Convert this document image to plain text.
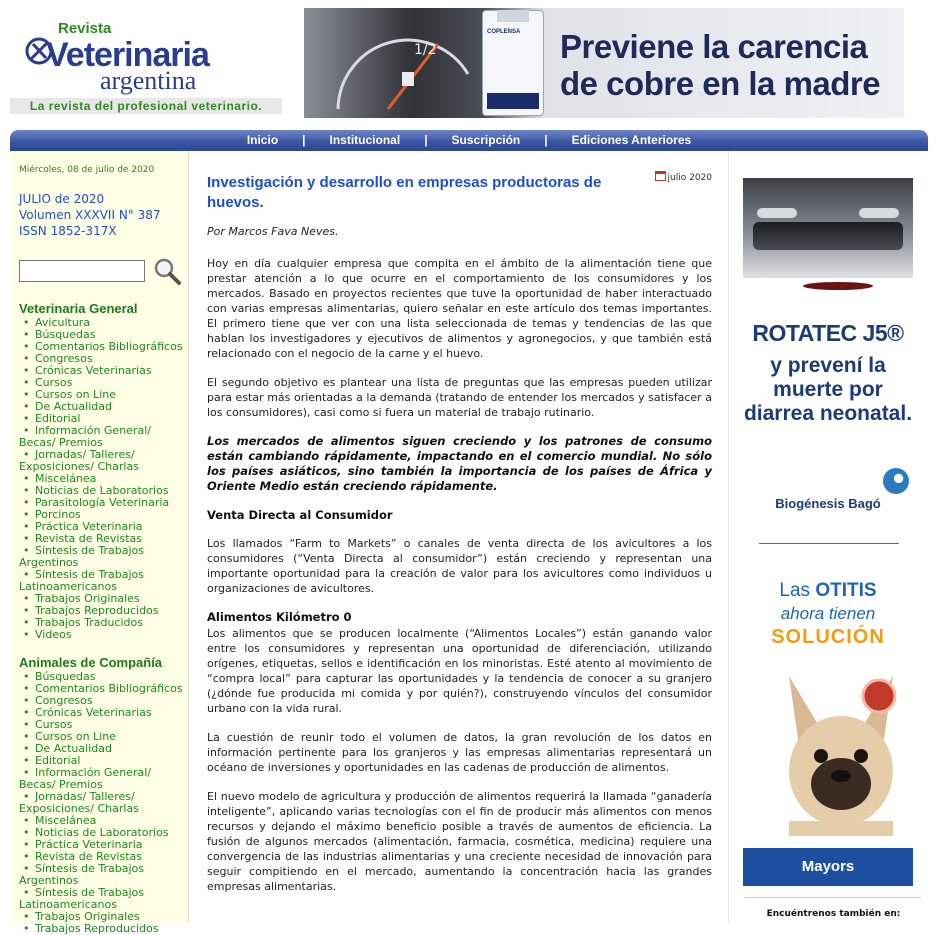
Revista
Veterinaria
argentina
La revista del profesional veterinario.
1/2
COPLENSA	Previene la carencia de cobre en la madre
Inicio | Institucional | Suscripción | Ediciones Anteriores
Miércoles, 08 de julio de 2020
JULIO de 2020
Volumen XXXVII N° 387
ISSN 1852-317X
Veterinaria General
• Avicultura
• Búsquedas
• Comentarios Bibliográficos
• Congresos
• Crónicas Veterinarias
• Cursos
• Cursos on Line
• De Actualidad
• Editorial
• Información General/ Becas/ Premios
• Jornadas/ Talleres/ Exposiciones/ Charlas
• Miscelánea
• Noticias de Laboratorios
• Parasitología Veterinaria
• Porcinos
• Práctica Veterinaria
• Revista de Revistas
• Síntesis de Trabajos Argentinos
• Síntesis de Trabajos Latinoamericanos
• Trabajos Originales
• Trabajos Reproducidos
• Trabajos Traducidos
• Videos
Animales de Compañía
• Búsquedas
• Comentarios Bibliográficos
• Congresos
• Crónicas Veterinarias
• Cursos
• Cursos on Line
• De Actualidad
• Editorial
• Información General/ Becas/ Premios
• Jornadas/ Talleres/ Exposiciones/ Charlas
• Miscelánea
• Noticias de Laboratorios
• Práctica Veterinaria
• Revista de Revistas
• Síntesis de Trabajos Argentinos
• Síntesis de Trabajos Latinoamericanos
• Trabajos Originales
• Trabajos Reproducidos
julio 2020
Investigación y desarrollo en empresas productoras de huevos.
Por Marcos Fava Neves.
Hoy en día cualquier empresa que compita en el ámbito de la alimentación tiene que prestar atención a lo que ocurre en el comportamiento de los consumidores y los mercados. Basado en proyectos recientes que tuve la oportunidad de haber interactuado con varias empresas alimentarias, quiero señalar en este artículo dos temas importantes. El primero tiene que ver con una lista seleccionada de temas y tendencias de las que hablan los investigadores y ejecutivos de alimentos y agronegocios, y que también está relacionado con el negocio de la carne y el huevo.
El segundo objetivo es plantear una lista de preguntas que las empresas pueden utilizar para estar más orientadas a la demanda (tratando de entender los mercados y satisfacer a los consumidores), casi como si fuera un material de trabajo rutinario.
Los mercados de alimentos siguen creciendo y los patrones de consumo están cambiando rápidamente, impactando en el comercio mundial. No sólo los países asiáticos, sino también la importancia de los países de África y Oriente Medio están creciendo rápidamente.
Venta Directa al Consumidor
Los llamados “Farm to Markets” o canales de venta directa de los avicultores a los consumidores (“Venta Directa al consumidor”) están creciendo y representan una importante oportunidad para la creación de valor para los avicultores como individuos u organizaciones de avicultores.
Alimentos Kilómetro 0
Los alimentos que se producen localmente (“Alimentos Locales”) están ganando valor entre los consumidores y representan una oportunidad de diferenciación, utilizando orígenes, etiquetas, sellos e identificación en los minoristas. Esté atento al movimiento de “compra local” para capturar las oportunidades y la tendencia de conocer a su granjero (¿dónde fue producida mi comida y por quién?), construyendo vínculos del consumidor urbano con la vida rural.
La cuestión de reunir todo el volumen de datos, la gran revolución de los datos en información pertinente para los granjeros y las empresas alimentarias representará un océano de inversiones y oportunidades en las cadenas de producción de alimentos.
El nuevo modelo de agricultura y producción de alimentos requerirá la llamada “ganadería inteligente”, aplicando varias tecnologías con el fin de producir más alimentos con menos recursos y dejando el máximo beneficio posible a través de aumentos de eficiencia. La fusión de algunos mercados (alimentación, farmacia, cosmética, medicina) requiere una convergencia de las industrias alimentarias y una creciente necesidad de innovación para seguir compitiendo en el mercado, aumentando la concentración hacia las grandes empresas alimentarias.
ROTATEC J5®
y prevení la muerte por diarrea neonatal.
Biogénesis Bagó
Las OTITIS
ahora tienen
SOLUCIÓN
Mayors
Encuéntrenos también en:
